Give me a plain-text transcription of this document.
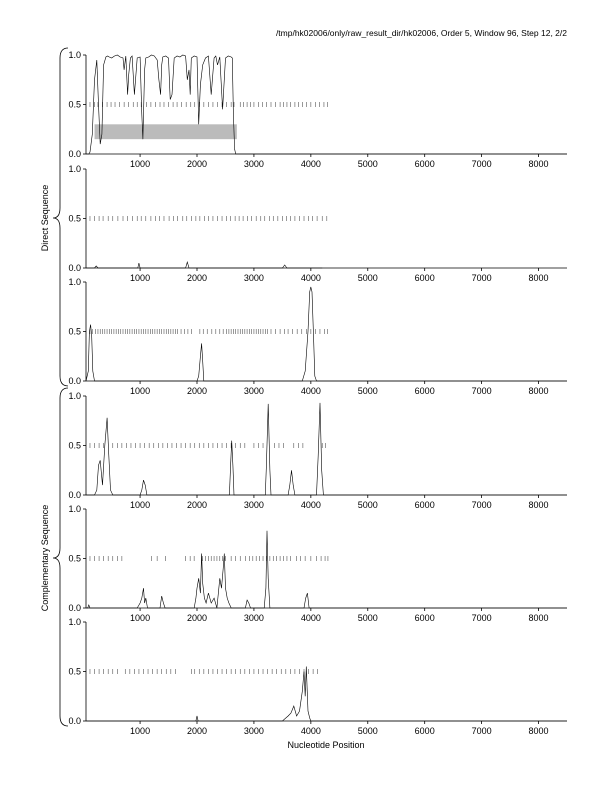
/tmp/hk02006/only/raw_result_dir/hk02006, Order 5, Window 96, Step 12, 2/2
0.0
0.5
1.0
1000	2000	3000	4000	5000	6000	7000	8000
0.0
0.5
1.0
1000	2000	3000	4000	5000	6000	7000	8000
0.0
0.5
1.0
1000	2000	3000	4000	5000	6000	7000	8000
0.0
0.5
1.0
1000	2000	3000	4000	5000	6000	7000	8000
0.0
0.5
1.0
1000	2000	3000	4000	5000	6000	7000	8000
0.0
0.5
1.0
1000	2000	3000	4000	5000	6000	7000	8000
Direct Sequence
Complementary Sequence
Nucleotide Position
